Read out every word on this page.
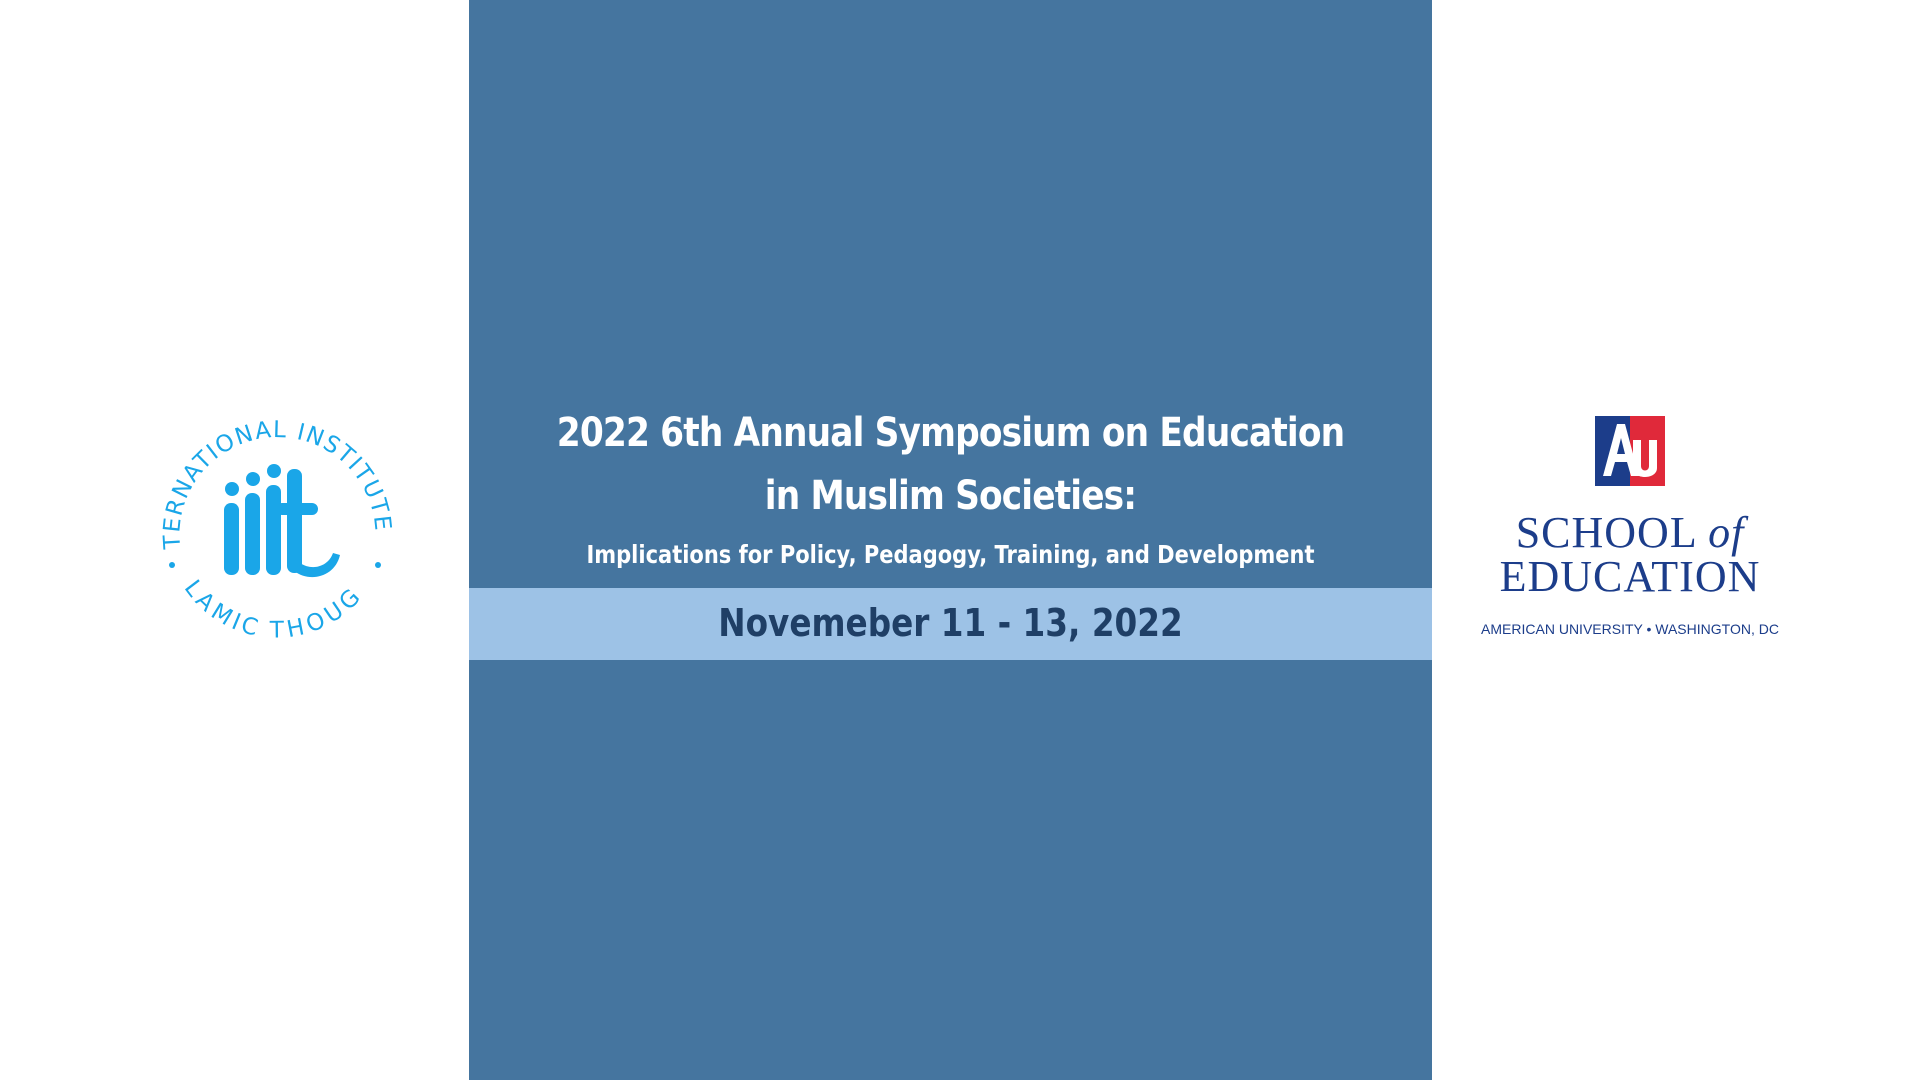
TERNATIONAL INSTITUTE
LAMIC THOUG
2022 6th Annual Symposium on Education
in Muslim Societies:
Implications for Policy, Pedagogy, Training, and Development
Novemeber 11 - 13, 2022
SCHOOL of
EDUCATION
AMERICAN UNIVERSITY • WASHINGTON, DC
